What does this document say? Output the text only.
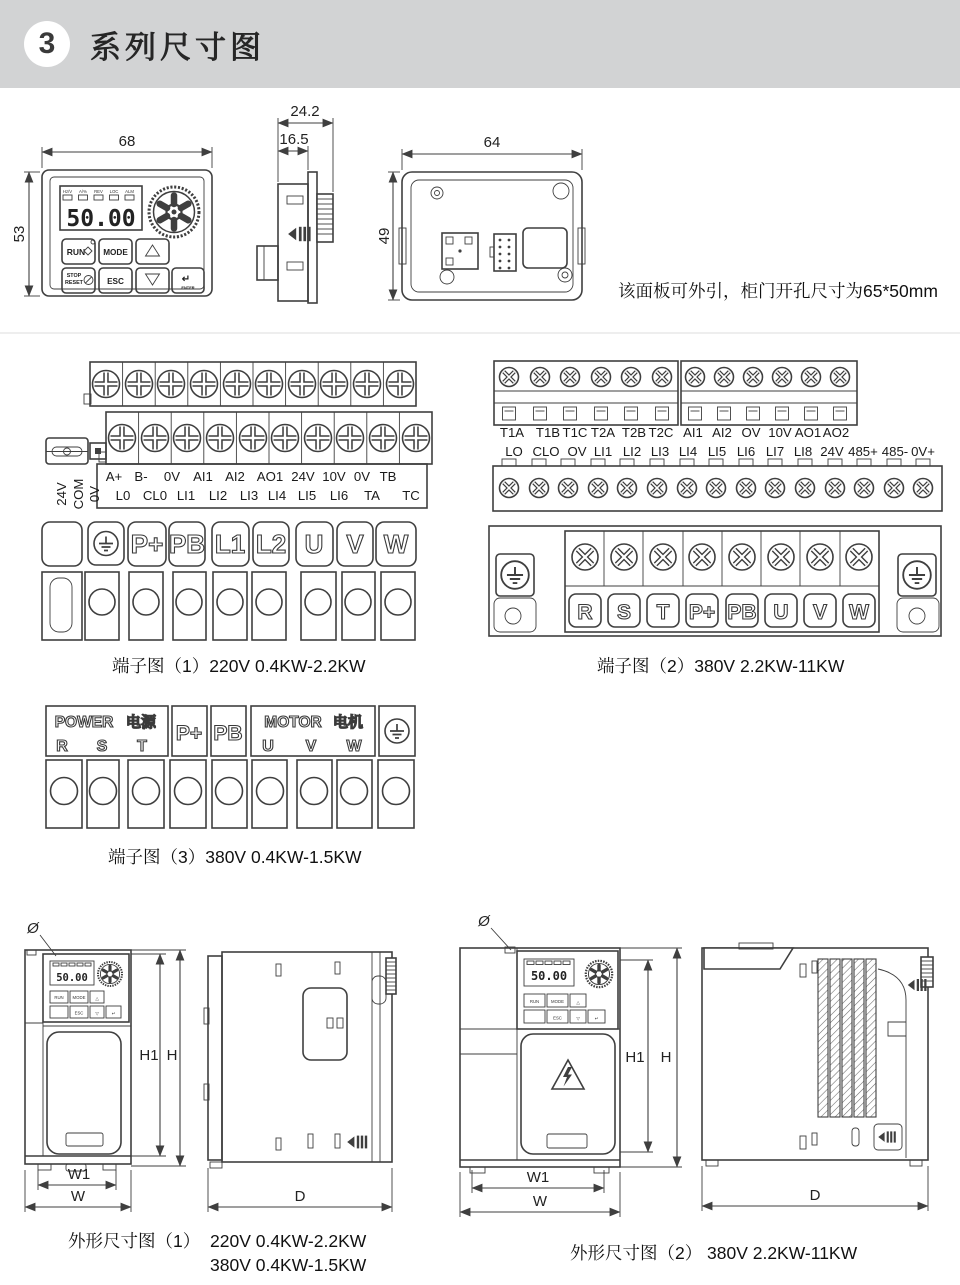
3 系列尺寸图
Hz/V A/% REV LOC ALM
50.00
RUN MODE
STOP
RESET	ESC	↵
ENTER
68
53
24.2
16.5	64
49
该面板可外引，柜门开孔尺寸为65*50mm
A+ B- 0V AI1 AI2 AO1 24V 10V 0V TB
L0 CL0 LI1 LI2 LI3 LI4 LI5 LI6 TA TC
24V COM 0V
P+ PB L1 L2 U V W
端子图（1）220V 0.4KW-2.2KW
T1A T1B T1C T2A T2B T2C AI1 AI2 OV 10V AO1 AO2
LO CLO OV LI1 LI2 LI3 LI4 LI5 LI6 LI7 LI8 24V 485+ 485- 0V+
R S T P+ PB U V W
端子图（2）380V 2.2KW-11KW
POWER 电源
R S T
P+ PB MOTOR 电机
U V W
端子图（3）380V 0.4KW-1.5KW
Ø
50.00
RUN MODE △
ESC	▽	↵
H1 H
W1
W	D
外形尺寸图（1） 220V 0.4KW-2.2KW
380V 0.4KW-1.5KW
Ø
50.00
RUN	MODE	△
ESC	▽	↵
H1 H
W1
W	D
外形尺寸图（2） 380V 2.2KW-11KW
